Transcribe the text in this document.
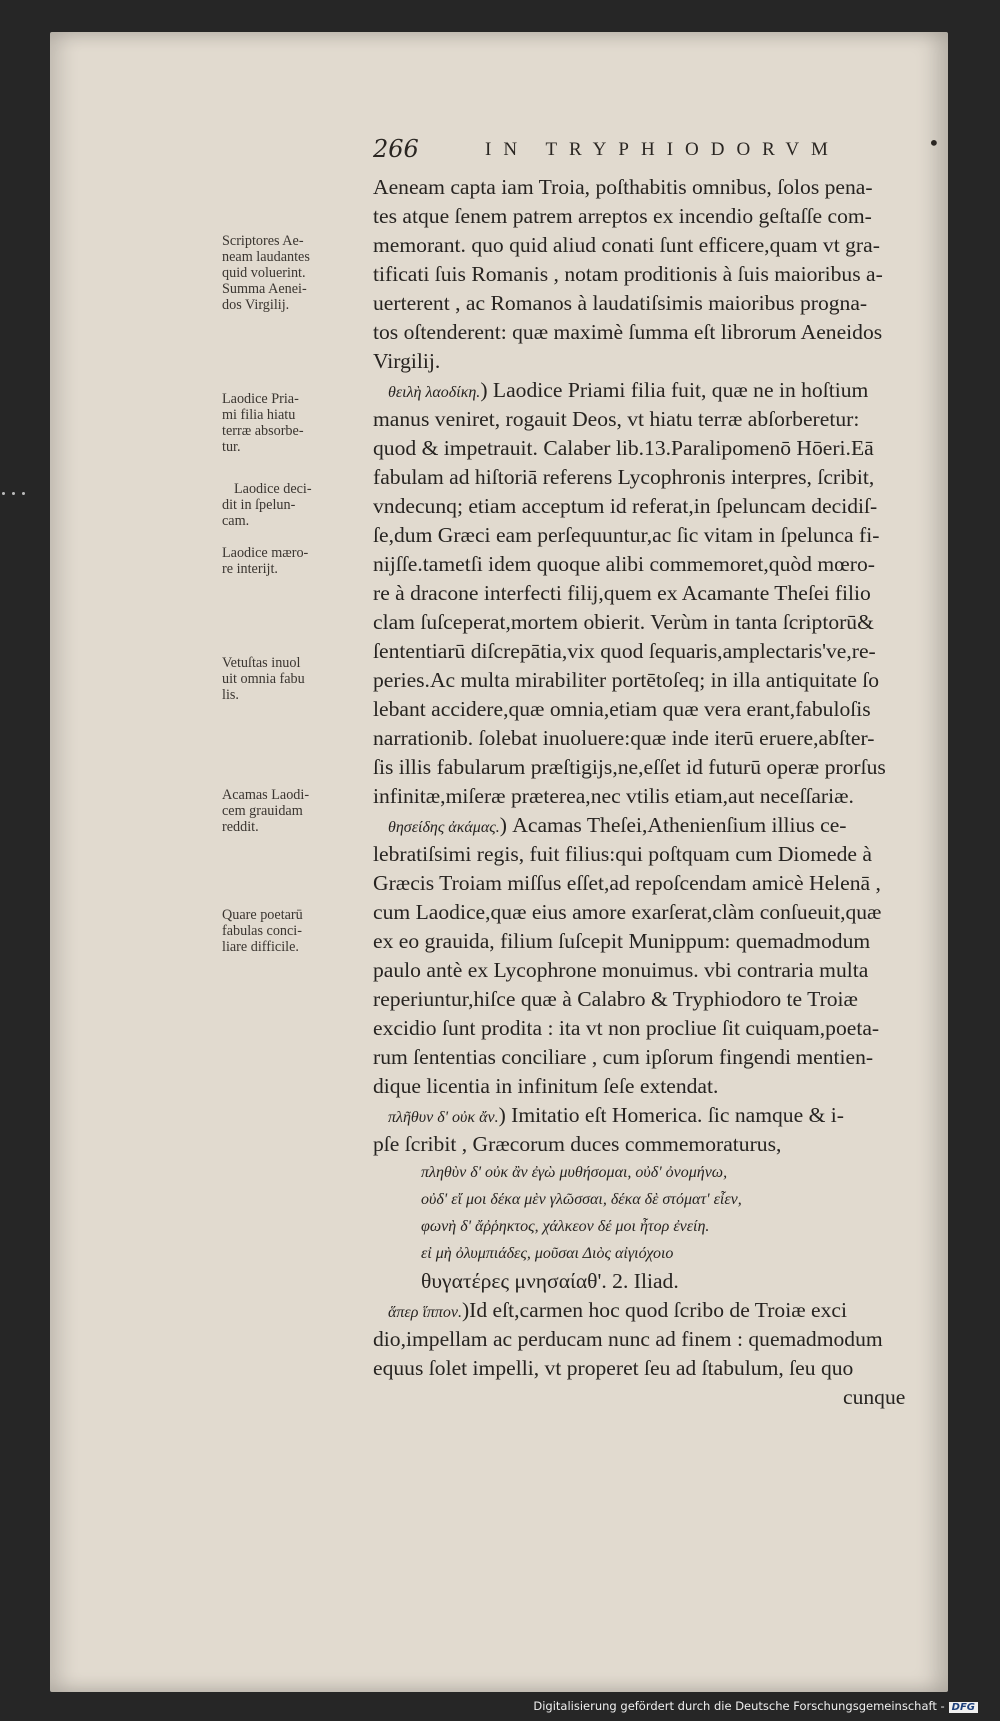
266	IN TRYPHIODORVM	•
Scriptores Ae-
neam laudantes
quid voluerint.
Summa Aenei-
dos Virgilij.
Laodice Pria-
mi filia hiatu
terræ absorbe-
tur.
Laodice deci-
dit in ſpelun-
cam.
Laodice mæro-
re interijt.
Vetuſtas inuol
uit omnia fabu
lis.
Acamas Laodi-
cem grauidam
reddit.
Quare poetarū
fabulas conci-
liare difficile.
Aeneam capta iam Troia, poſthabitis omnibus, ſolos pena-
tes atque ſenem patrem arreptos ex incendio geſtaſſe com-
memorant. quo quid aliud conati ſunt efficere,quam vt gra-
tificati ſuis Romanis , notam proditionis à ſuis maioribus a-
uerterent , ac Romanos à laudatiſsimis maioribus progna-
tos oſtenderent: quæ maximè ſumma eſt librorum Aeneidos
Virgilij.
θειλὴ λαοδίκη.) Laodice Priami filia fuit, quæ ne in hoſtium
manus veniret, rogauit Deos, vt hiatu terræ abſorberetur:
quod & impetrauit. Calaber lib.13.Paralipomenō Hōeri.Eā
fabulam ad hiſtoriā referens Lycophronis interpres, ſcribit,
vndecunq; etiam acceptum id referat,in ſpeluncam decidiſ-
ſe,dum Græci eam perſequuntur,ac ſic vitam in ſpelunca fi-
nijſſe.tametſi idem quoque alibi commemoret,quòd mœro-
re à dracone interfecti filij,quem ex Acamante Theſei filio
clam ſuſceperat,mortem obierit. Verùm in tanta ſcriptorū&
ſententiarū diſcrepātia,vix quod ſequaris,amplectaris've,re-
peries.Ac multa mirabiliter portētoſeq; in illa antiquitate ſo
lebant accidere,quæ omnia,etiam quæ vera erant,fabuloſis
narrationib. ſolebat inuoluere:quæ inde iterū eruere,abſter-
ſis illis fabularum præſtigijs,ne,eſſet id futurū operæ prorſus
infinitæ,miſeræ præterea,nec vtilis etiam,aut neceſſariæ.
θησείδης ἀκάμας.) Acamas Theſei,Athenienſium illius ce-
lebratiſsimi regis, fuit filius:qui poſtquam cum Diomede à
Græcis Troiam miſſus eſſet,ad repoſcendam amicè Helenā ,
cum Laodice,quæ eius amore exarſerat,clàm conſueuit,quæ
ex eo grauida, filium ſuſcepit Munippum: quemadmodum
paulo antè ex Lycophrone monuimus. vbi contraria multa
reperiuntur,hiſce quæ à Calabro & Tryphiodoro te Troiæ
excidio ſunt prodita : ita vt non procliue ſit cuiquam,poeta-
rum ſententias conciliare , cum ipſorum fingendi mentien-
dique licentia in infinitum ſeſe extendat.
πλῆθυν δ' οὐκ ἄν.) Imitatio eſt Homerica. ſic namque & i-
pſe ſcribit , Græcorum duces commemoraturus,
πληθὺν δ' οὐκ ἂν ἐγὼ μυθήσομαι, οὐδ' ὀνομήνω,
οὐδ' εἴ μοι δέκα μὲν γλῶσσαι, δέκα δὲ στόματ' εἶεν,
φωνὴ δ' ἄῤῥηκτος, χάλκεον δέ μοι ἦτορ ἐνείη.
εἰ μὴ ὀλυμπιάδες, μοῦσαι Διὸς αἰγιόχοιο
θυγατέρες μνησαίαθ'. 2. Iliad.
ἅπερ ἵππον.)Id eſt,carmen hoc quod ſcribo de Troiæ exci
dio,impellam ac perducam nunc ad finem : quemadmodum
equus ſolet impelli, vt properet ſeu ad ſtabulum, ſeu quo
cunque
Digitalisierung gefördert durch die Deutsche Forschungsgemeinschaft - DFG
